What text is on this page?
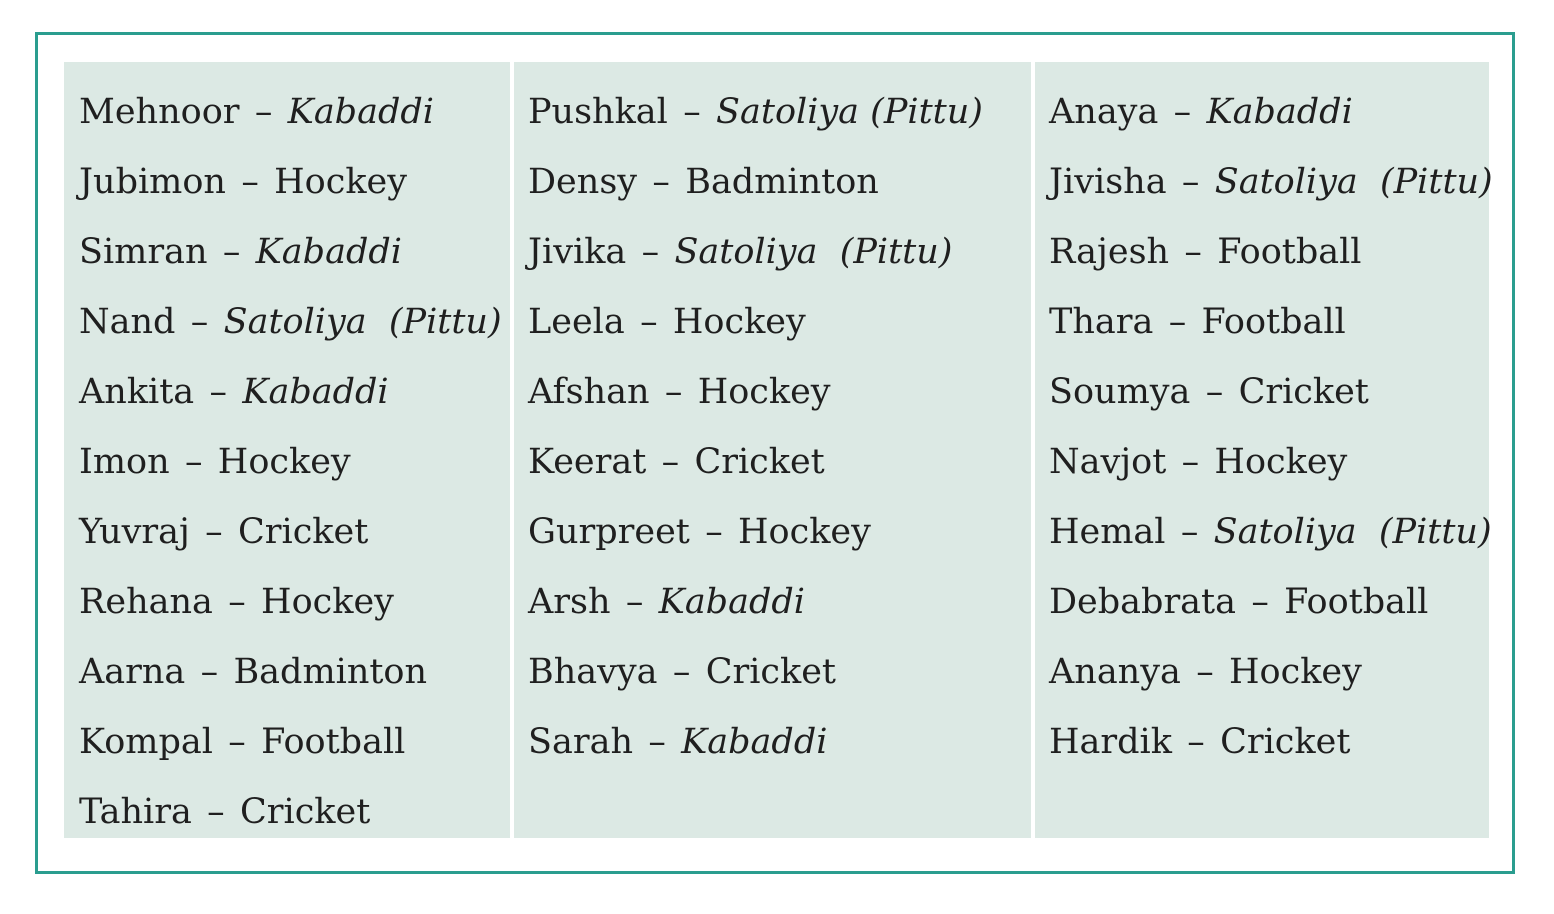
Mehnoor – Kabaddi
Jubimon – Hockey
Simran – Kabaddi
Nand – Satoliya  (Pittu)
Ankita – Kabaddi
Imon – Hockey
Yuvraj – Cricket
Rehana – Hockey
Aarna – Badminton
Kompal – Football
Tahira – Cricket
Pushkal – Satoliya (Pittu)
Densy – Badminton
Jivika – Satoliya  (Pittu)
Leela – Hockey
Afshan – Hockey
Keerat – Cricket
Gurpreet – Hockey
Arsh – Kabaddi
Bhavya – Cricket
Sarah – Kabaddi
Anaya – Kabaddi
Jivisha – Satoliya  (Pittu)
Rajesh – Football
Thara – Football
Soumya – Cricket
Navjot – Hockey
Hemal – Satoliya  (Pittu)
Debabrata – Football
Ananya – Hockey
Hardik – Cricket
